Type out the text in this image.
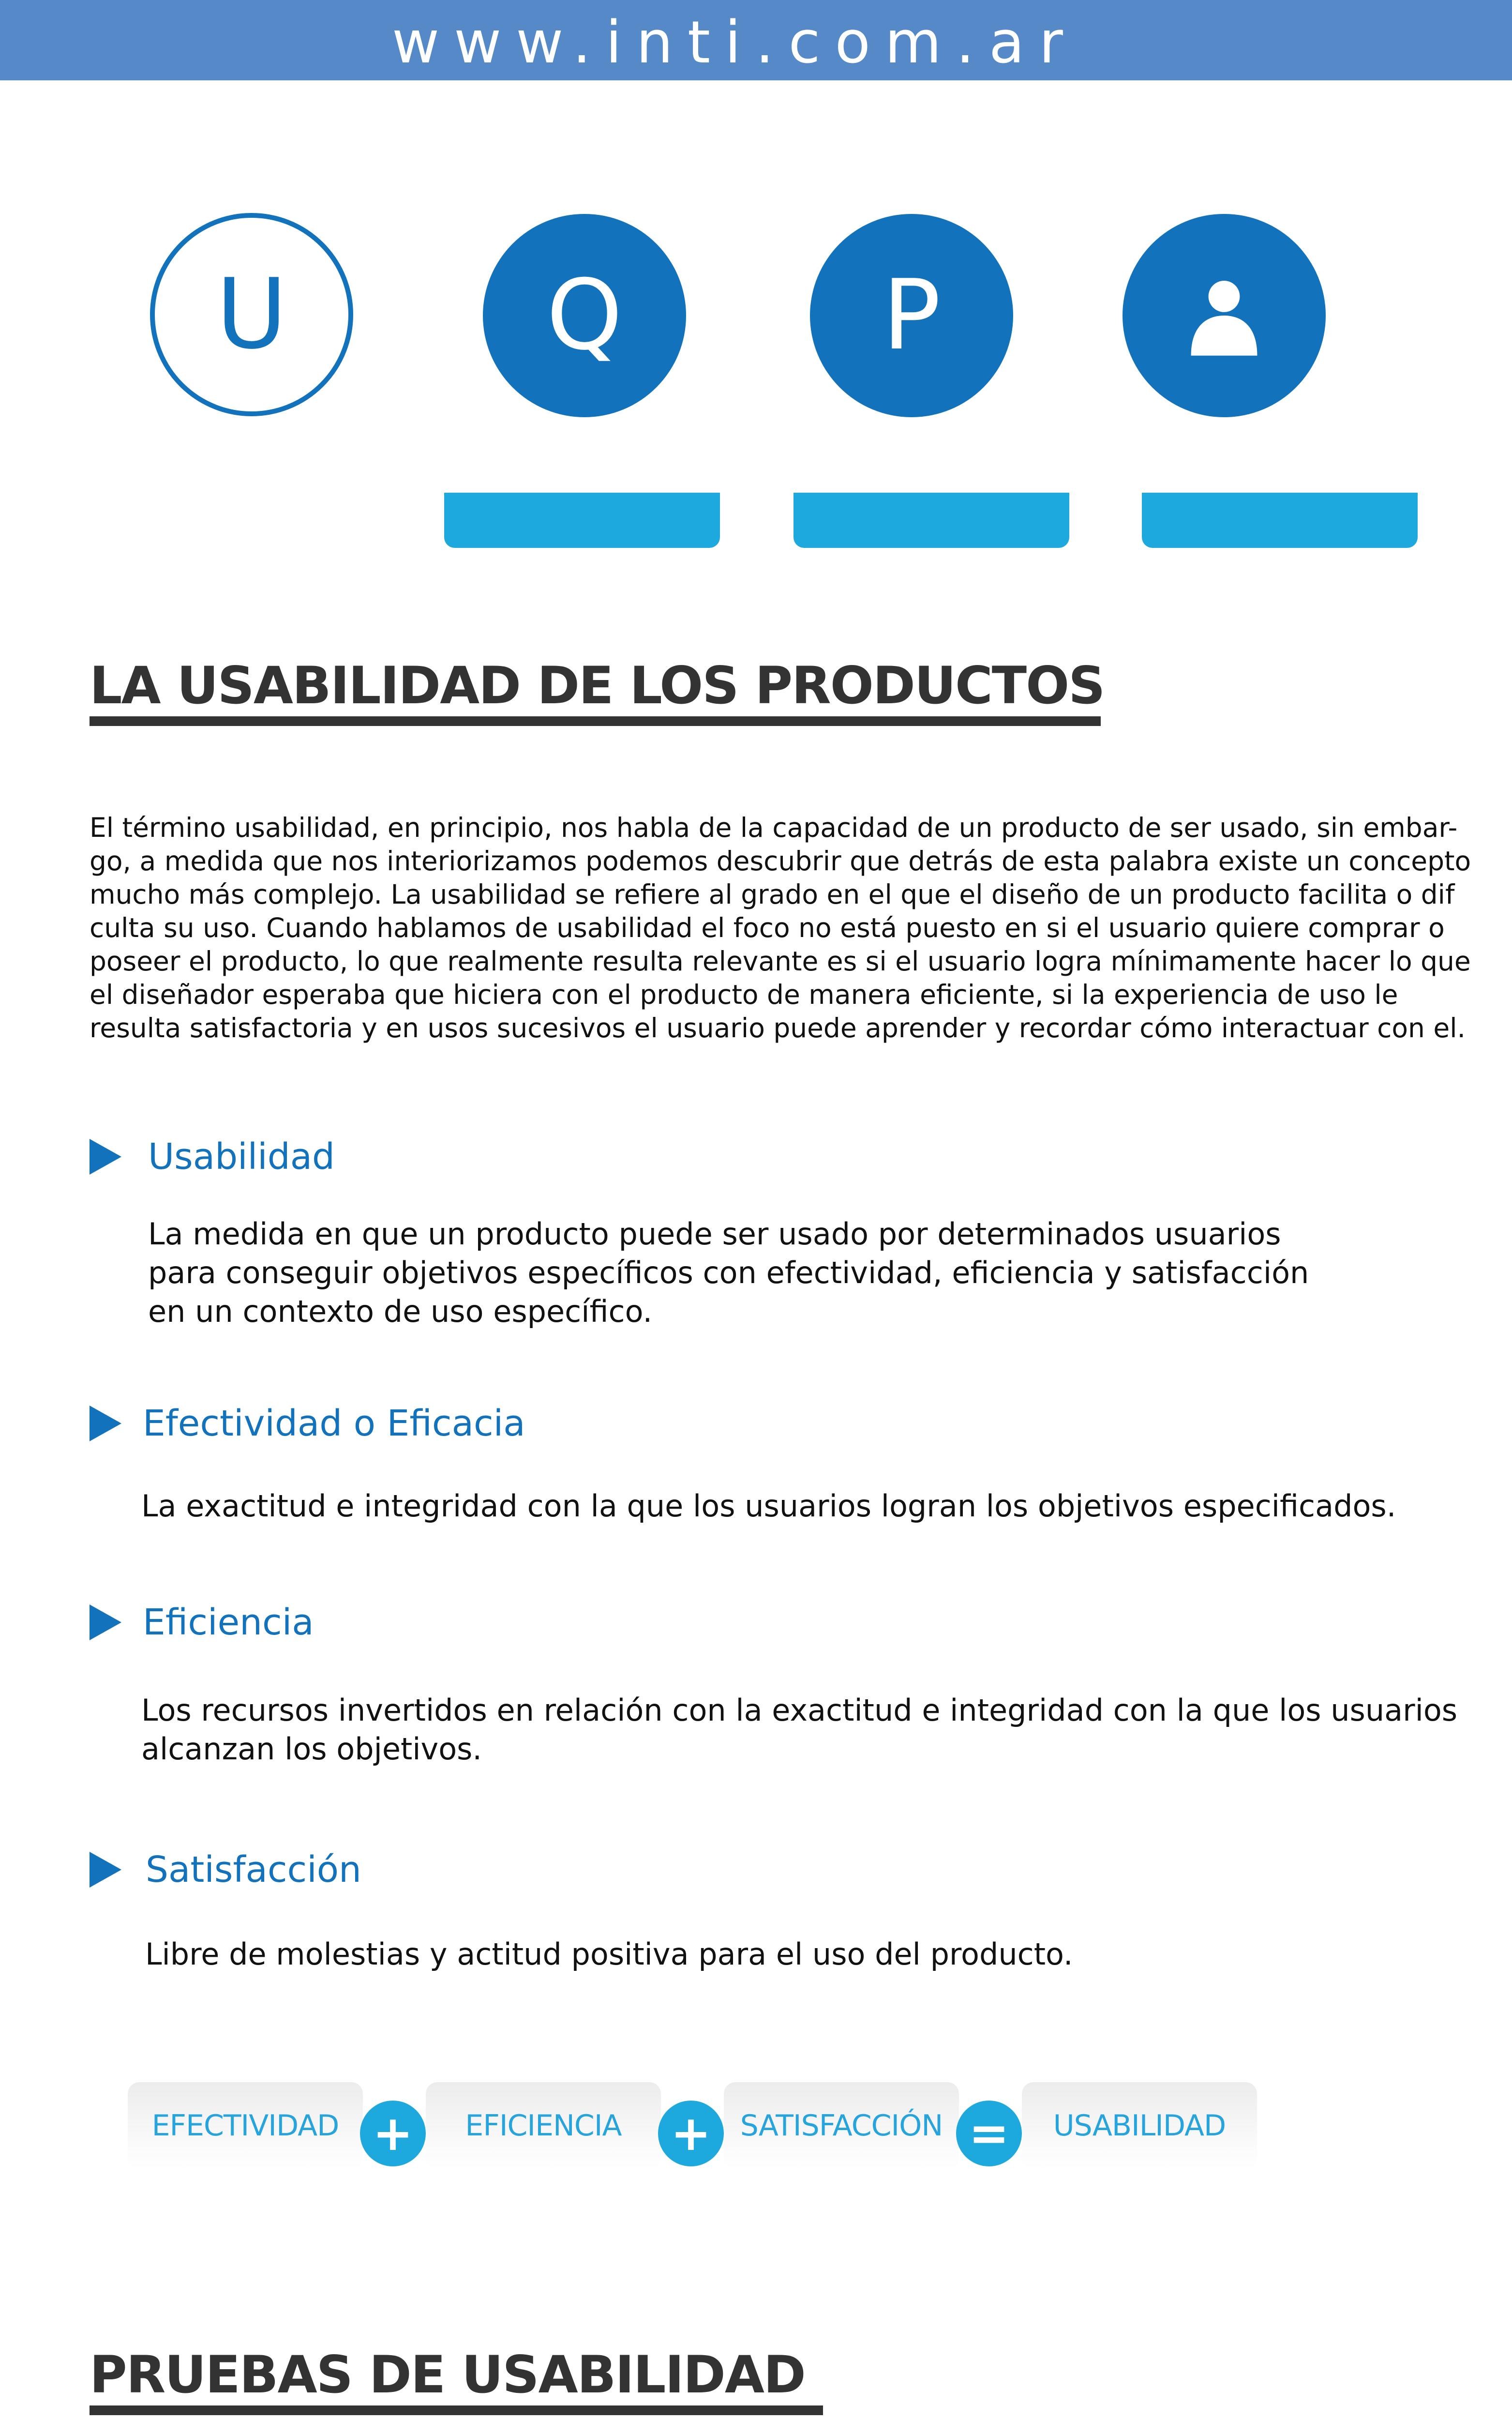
www.inti.com.ar
U	Q	P
LA USABILIDAD DE LOS PRODUCTOS
El término usabilidad, en principio, nos habla de la capacidad de un producto de ser usado, sin embar-
go, a medida que nos interiorizamos podemos descubrir que detrás de esta palabra existe un concepto
mucho más complejo. La usabilidad se refiere al grado en el que el diseño de un producto facilita o dif
culta su uso. Cuando hablamos de usabilidad el foco no está puesto en si el usuario quiere comprar o
poseer el producto, lo que realmente resulta relevante es si el usuario logra mínimamente hacer lo que
el diseñador esperaba que hiciera con el producto de manera eficiente, si la experiencia de uso le
resulta satisfactoria y en usos sucesivos el usuario puede aprender y recordar cómo interactuar con el.
Usabilidad
La medida en que un producto puede ser usado por determinados usuarios
para conseguir objetivos específicos con efectividad, eficiencia y satisfacción
en un contexto de uso específico.
Efectividad o Eficacia
La exactitud e integridad con la que los usuarios logran los objetivos especificados.
Eficiencia
Los recursos invertidos en relación con la exactitud e integridad con la que los usuarios
alcanzan los objetivos.
Satisfacción
Libre de molestias y actitud positiva para el uso del producto.
EFECTIVIDAD +	EFICIENCIA	+ SATISFACCIÓN =	USABILIDAD
PRUEBAS DE USABILIDAD
